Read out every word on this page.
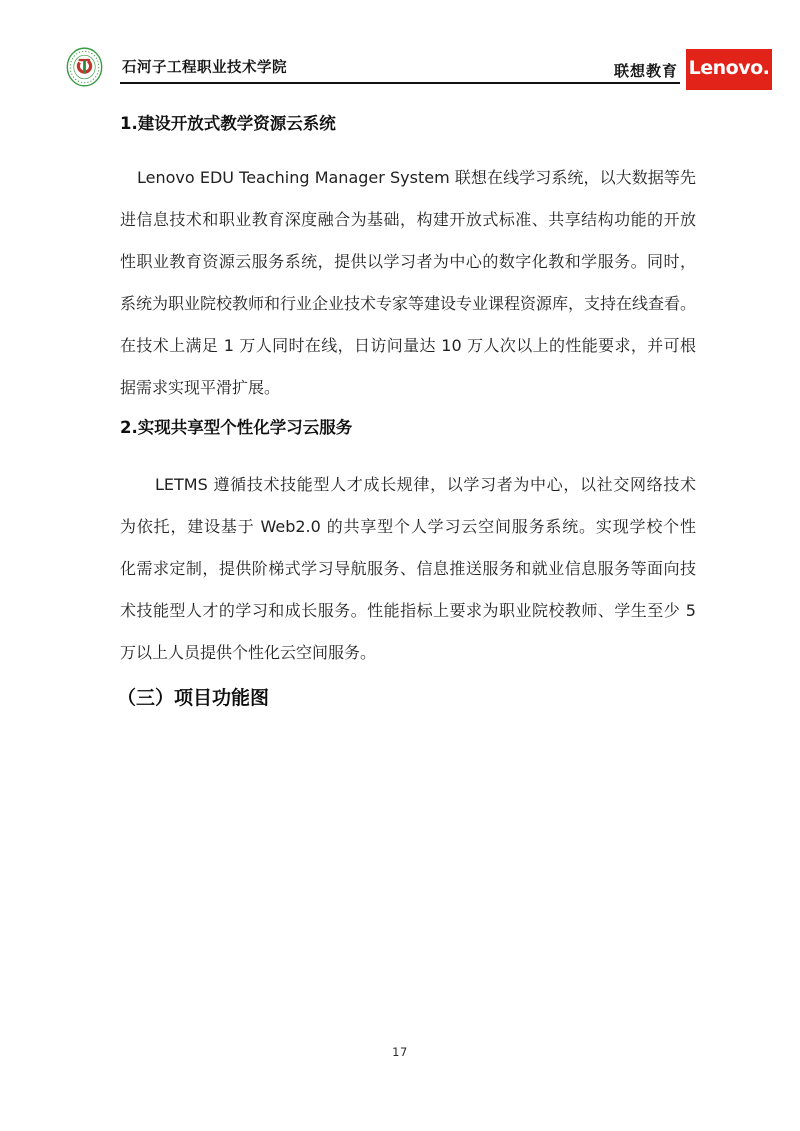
石河子工程职业技术学院	联想教育 Lenovo.
1.建设开放式教学资源云系统
Lenovo EDU Teaching Manager System 联想在线学习系统，以大数据等先
进信息技术和职业教育深度融合为基础，构建开放式标准、共享结构功能的开放
性职业教育资源云服务系统，提供以学习者为中心的数字化教和学服务。同时，
系统为职业院校教师和行业企业技术专家等建设专业课程资源库，支持在线查看。
在技术上满足 1 万人同时在线，日访问量达 10 万人次以上的性能要求，并可根
据需求实现平滑扩展。
2.实现共享型个性化学习云服务
LETMS 遵循技术技能型人才成长规律，以学习者为中心，以社交网络技术
为依托，建设基于 Web2.0 的共享型个人学习云空间服务系统。实现学校个性
化需求定制，提供阶梯式学习导航服务、信息推送服务和就业信息服务等面向技
术技能型人才的学习和成长服务。性能指标上要求为职业院校教师、学生至少 5
万以上人员提供个性化云空间服务。
（三）项目功能图
17
